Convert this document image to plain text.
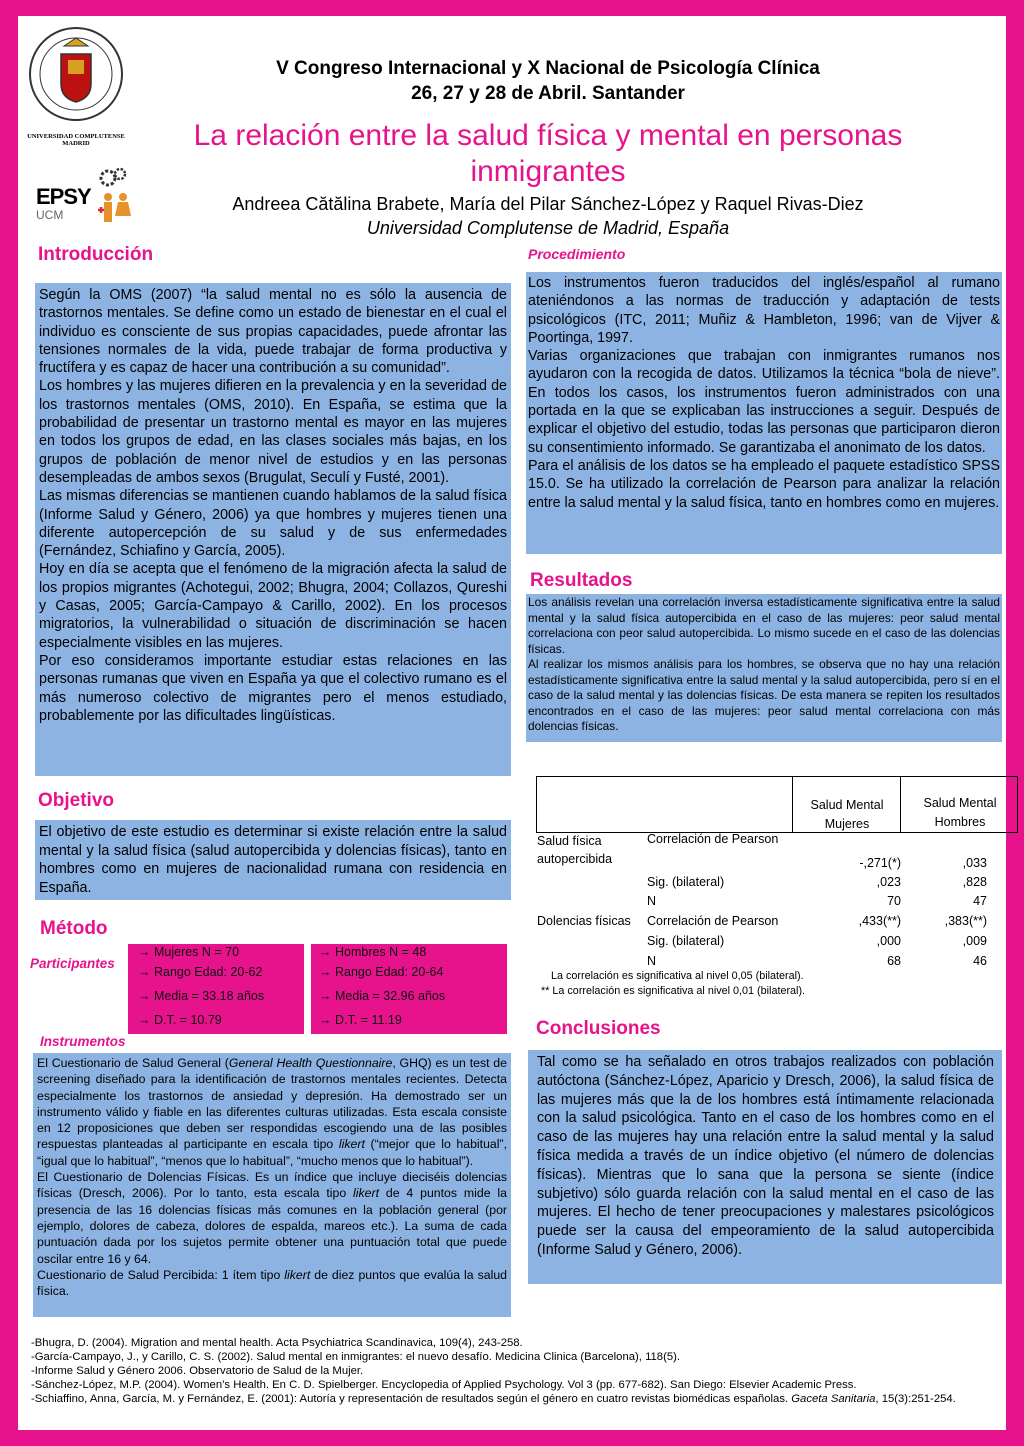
UNIVERSIDAD COMPLUTENSE
MADRID
EPSY
UCM
V Congreso Internacional y X Nacional de Psicología Clínica
26, 27 y 28 de Abril. Santander
La relación entre la salud física y mental en personas inmigrantes
Andreea Cătălina Brabete, María del Pilar Sánchez-López y Raquel Rivas-Diez
Universidad Complutense de Madrid, España
Introducción

Según la OMS (2007) “la salud mental no es sólo la ausencia de trastornos mentales. Se define como un estado de bienestar en el cual el individuo es consciente de sus propias capacidades, puede afrontar las tensiones normales de la vida, puede trabajar de forma productiva y fructífera y es capaz de hacer una contribución a su comunidad”.

Los hombres y las mujeres difieren en la prevalencia y en la severidad de los trastornos mentales (OMS, 2010). En España, se estima que la probabilidad de presentar un trastorno mental es mayor en las mujeres en todos los grupos de edad, en las clases sociales más bajas, en los grupos de población de menor nivel de estudios y en las personas desempleadas de ambos sexos (Brugulat, Seculí y Fusté, 2001).

Las mismas diferencias se mantienen cuando hablamos de la salud física (Informe Salud y Género, 2006) ya que hombres y mujeres tienen una diferente autopercepción de su salud y de sus enfermedades (Fernández, Schiafino y García, 2005).

Hoy en día se acepta que el fenómeno de la migración afecta la salud de los propios migrantes (Achotegui, 2002; Bhugra, 2004; Collazos, Qureshi y Casas, 2005; García-Campayo & Carillo, 2002). En los procesos migratorios, la vulnerabilidad o situación de discriminación se hacen especialmente visibles en las mujeres.

Por eso consideramos importante estudiar estas relaciones en las personas rumanas que viven en España ya que el colectivo rumano es el más numeroso colectivo de migrantes pero el menos estudiado, probablemente por las dificultades lingüísticas.

Objetivo

El objetivo de este estudio es determinar si existe relación entre la salud mental y la salud física (salud autopercibida y dolencias físicas), tanto en hombres como en mujeres de nacionalidad rumana con residencia en España.

Método
Participantes
→ Mujeres N = 70
→ Rango Edad: 20-62
→ Media = 33.18 años
→ D.T. = 10.79
→ Hombres N = 48
→ Rango Edad: 20-64
→ Media = 32.96 años
→ D.T. = 11.19
Instrumentos

El Cuestionario de Salud General (General Health Questionnaire, GHQ) es un test de screening diseñado para la identificación de trastornos mentales recientes. Detecta especialmente los trastornos de ansiedad y depresión. Ha demostrado ser un instrumento válido y fiable en las diferentes culturas utilizadas. Esta escala consiste en 12 proposiciones que deben ser respondidas escogiendo una de las posibles respuestas planteadas al participante en escala tipo likert (“mejor que lo habitual”, “igual que lo habitual”, “menos que lo habitual”, “mucho menos que lo habitual”).

El Cuestionario de Dolencias Físicas. Es un índice que incluye dieciséis dolencias físicas (Dresch, 2006). Por lo tanto, esta escala tipo likert de 4 puntos mide la presencia de las 16 dolencias físicas más comunes en la población general (por ejemplo, dolores de cabeza, dolores de espalda, mareos etc.). La suma de cada puntuación dada por los sujetos permite obtener una puntuación total que puede oscilar entre 16 y 64.

Cuestionario de Salud Percibida: 1 ítem tipo likert de diez puntos que evalúa la salud física.

Procedimiento

Los instrumentos fueron traducidos del inglés/español al rumano ateniéndonos a las normas de traducción y adaptación de tests psicológicos (ITC, 2011; Muñiz & Hambleton, 1996; van de Vijver & Poortinga, 1997.

Varias organizaciones que trabajan con inmigrantes rumanos nos ayudaron con la recogida de datos. Utilizamos la técnica “bola de nieve”. En todos los casos, los instrumentos fueron administrados con una portada en la que se explicaban las instrucciones a seguir. Después de explicar el objetivo del estudio, todas las personas que participaron dieron su consentimiento informado. Se garantizaba el anonimato de los datos.

Para el análisis de los datos se ha empleado el paquete estadístico SPSS 15.0. Se ha utilizado la correlación de Pearson para analizar la relación entre la salud mental y la salud física, tanto en hombres como en mujeres.

Resultados

Los análisis revelan una correlación inversa estadísticamente significativa entre la salud mental y la salud física autopercibida en el caso de las mujeres: peor salud mental correlaciona con peor salud autopercibida. Lo mismo sucede en el caso de las dolencias físicas.

Al realizar los mismos análisis para los hombres, se observa que no hay una relación estadísticamente significativa entre la salud mental y la salud autopercibida, pero sí en el caso de la salud mental y las dolencias físicas. De esta manera se repiten los resultados encontrados en el caso de las mujeres: peor salud mental correlaciona con más dolencias físicas.

Salud Mental Mujeres
Salud Mental Hombres
Salud física autopercibida	Correlación de Pearson	-,271(*)	,033
	Sig. (bilateral)	,023	,828
	N	70	47
Dolencias físicas	Correlación de Pearson	,433(**)	,383(**)
	Sig. (bilateral)	,000	,009
	N	68	46
La correlación es significativa al nivel 0,05 (bilateral).
** La correlación es significativa al nivel 0,01 (bilateral).
Conclusiones

Tal como se ha señalado en otros trabajos realizados con población autóctona (Sánchez-López, Aparicio y Dresch, 2006), la salud física de las mujeres más que la de los hombres está íntimamente relacionada con la salud psicológica. Tanto en el caso de los hombres como en el caso de las mujeres hay una relación entre la salud mental y la salud física medida a través de un índice objetivo (el número de dolencias físicas). Mientras que lo sana que la persona se siente (índice subjetivo) sólo guarda relación con la salud mental en el caso de las mujeres. El hecho de tener preocupaciones y malestares psicológicos puede ser la causa del empeoramiento de la salud autopercibida (Informe Salud y Género, 2006).

-Bhugra, D. (2004). Migration and mental health. Acta Psychiatrica Scandinavica, 109(4), 243-258.
-García-Campayo, J., y Carillo, C. S. (2002). Salud mental en inmigrantes: el nuevo desafío. Medicina Clinica (Barcelona), 118(5).
-Informe Salud y Género 2006. Observatorio de Salud de la Mujer.
-Sánchez-López, M.P. (2004). Women’s Health. En C. D. Spielberger. Encyclopedia of Applied Psychology. Vol 3 (pp. 677-682). San Diego: Elsevier Academic Press.
-Schiaffino, Anna, García, M. y Fernández, E. (2001): Autoría y representación de resultados según el género en cuatro revistas biomédicas españolas. Gaceta Sanitaria, 15(3):251-254.
